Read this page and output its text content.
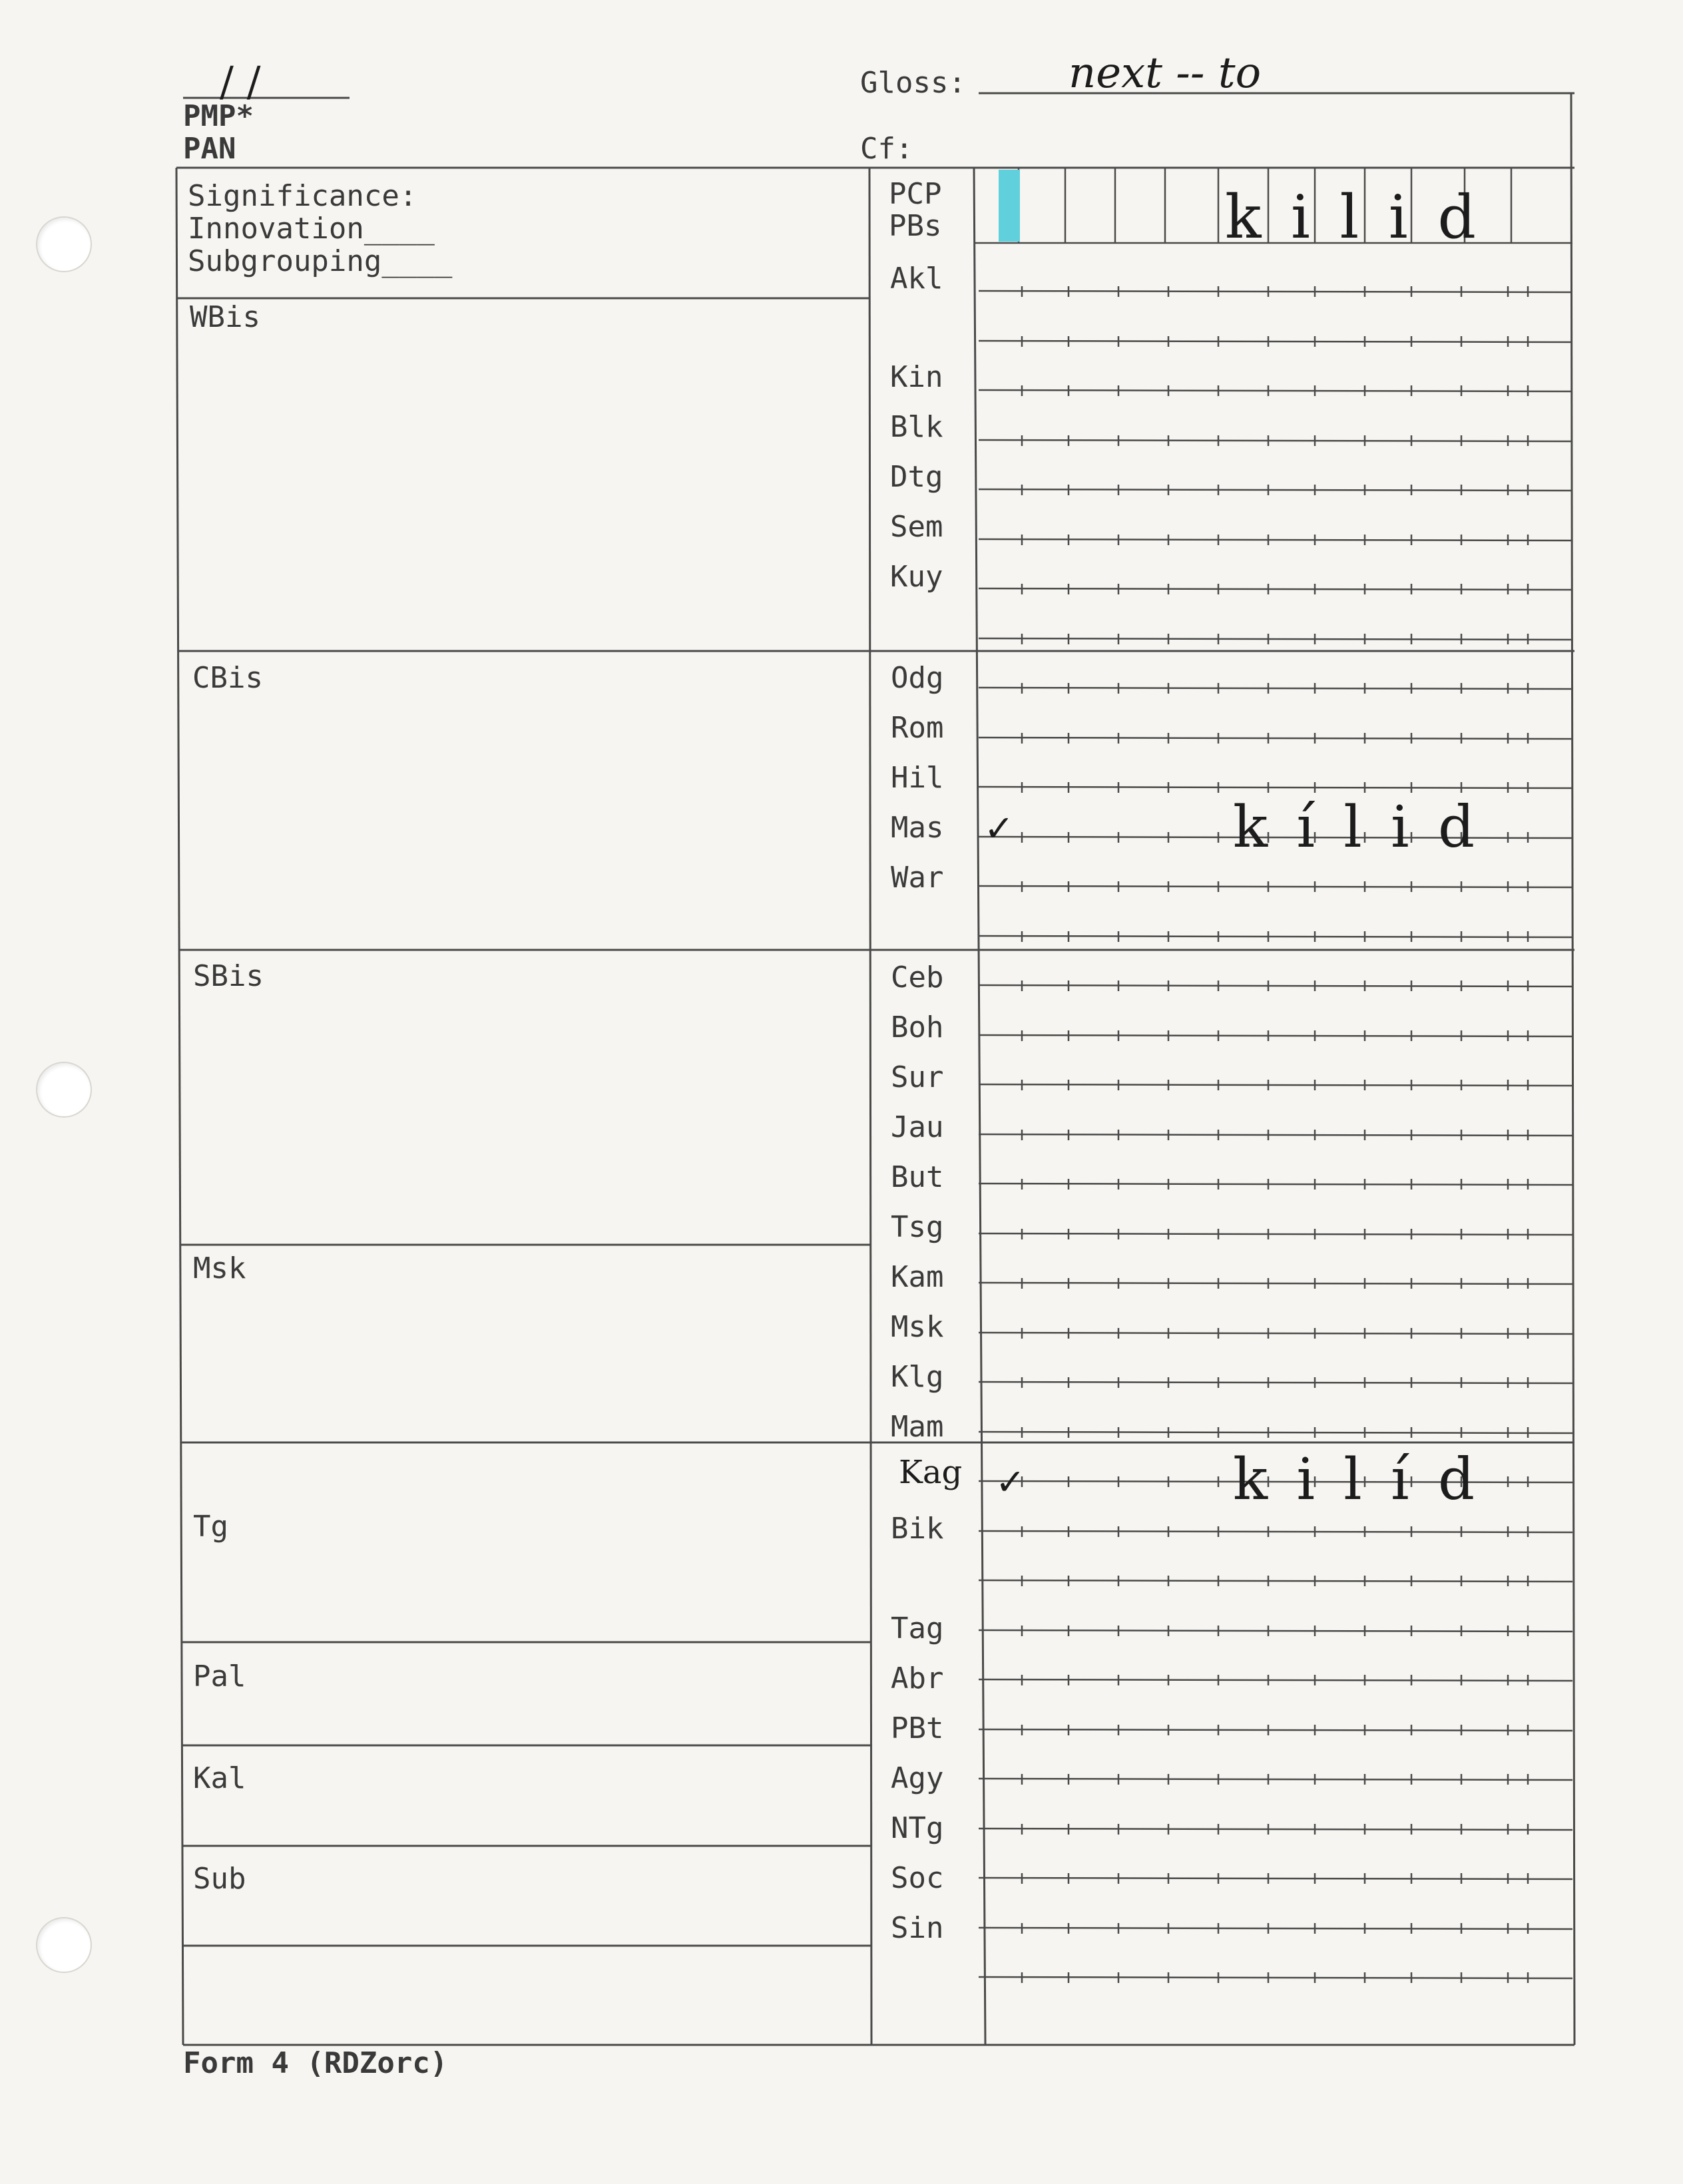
/ /
PMP*
PAN
Gloss: next -- to
Cf:
Significance:
Innovation____
Subgrouping____
WBis
CBis
SBis
Msk
Tg
Pal
Kal
Sub
PCP
PBs
Akl
Kin
Blk
Dtg
Sem
Kuy
Odg
Rom
Hil
Mas
War
Ceb
Boh
Sur
Jau
But
Tsg
Kam
Msk
Klg
Mam
Kag
Bik
Tag
Abr
PBt
Agy
NTg
Soc
Sin
k i l i d
✓	k í l i d
✓	k i l í d
Form 4 (RDZorc)
